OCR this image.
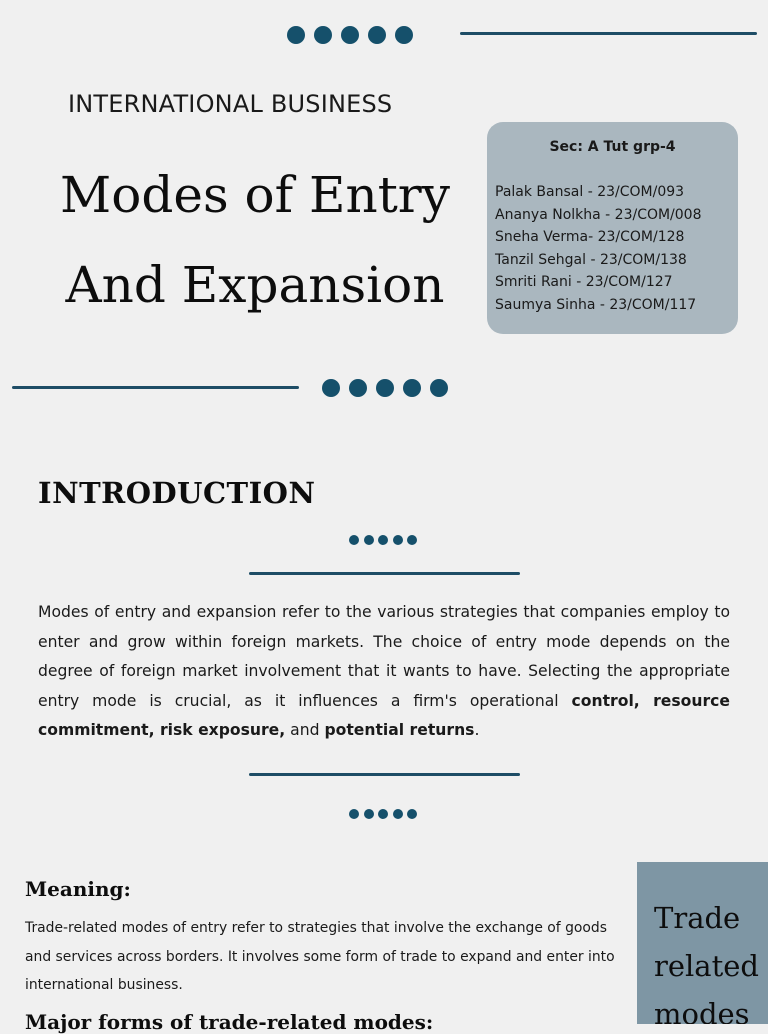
INTERNATIONAL BUSINESS
Modes of Entry
And Expansion
Sec: A Tut grp-4
Palak Bansal - 23/COM/093
Ananya Nolkha - 23/COM/008
Sneha Verma- 23/COM/128
Tanzil Sehgal - 23/COM/138
Smriti Rani - 23/COM/127
Saumya Sinha - 23/COM/117
INTRODUCTION
Modes of entry and expansion refer to the various strategies that companies employ to enter and grow within foreign markets. The choice of entry mode depends on the degree of foreign market involvement that it wants to have. Selecting the appropriate entry mode is crucial, as it influences a firm's operational control, resource commitment, risk exposure, and potential returns.
Meaning:
Trade-related modes of entry refer to strategies that involve the exchange of goods and services across borders. It involves some form of trade to expand and enter into international business.
Major forms of trade-related modes:
Trade
related
modes
